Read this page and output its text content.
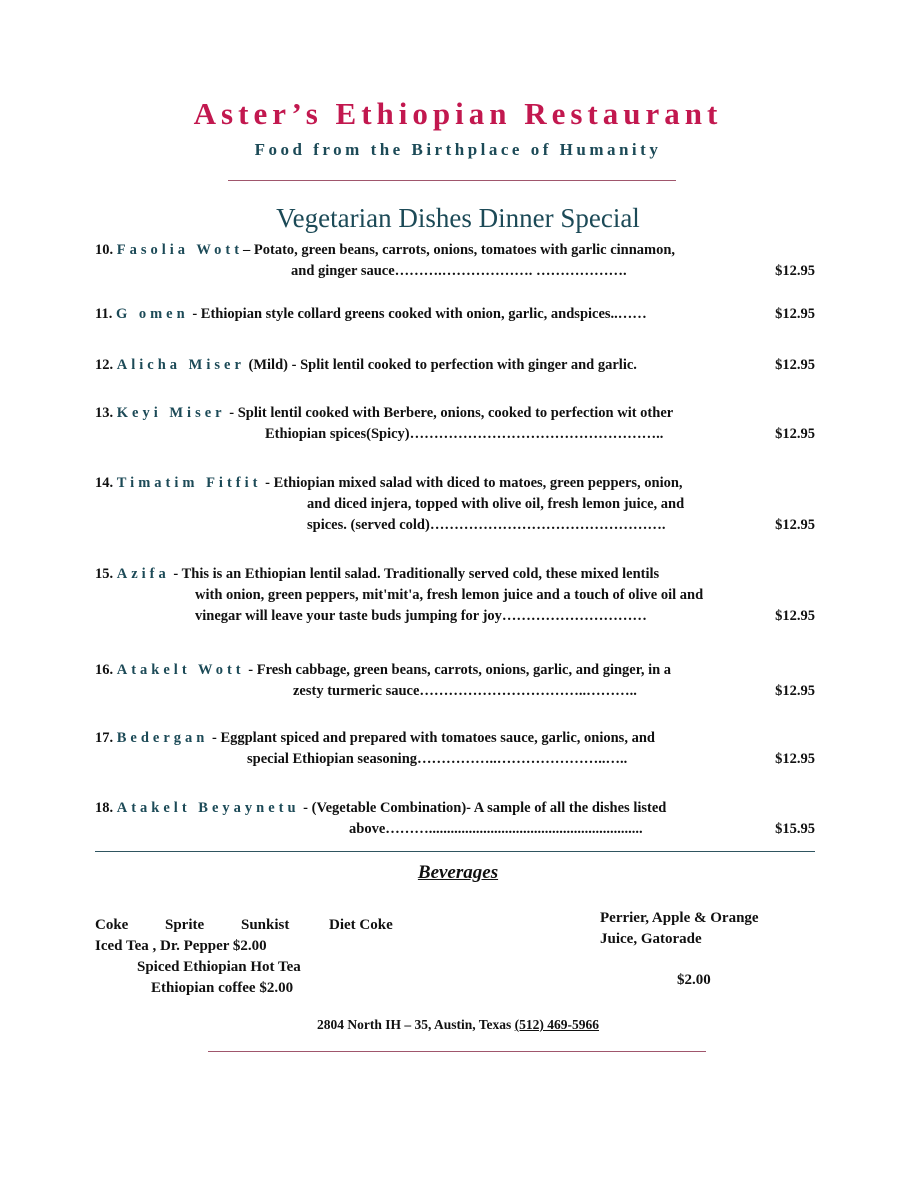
Aster’s Ethiopian Restaurant
Food from the Birthplace of Humanity
Vegetarian Dishes Dinner Special
10. Fasolia Wott– Potato, green beans, carrots, onions, tomatoes with garlic cinnamon,
and ginger sauce……….………………. ……………….	$12.95
11. G omen - Ethiopian style collard greens cooked with onion, garlic, andspices..……	$12.95
12. Alicha Miser (Mild) - Split lentil cooked to perfection with ginger and garlic.	$12.95
13. Keyi Miser - Split lentil cooked with Berbere, onions, cooked to perfection wit other
Ethiopian spices(Spicy)……………………………………………..	$12.95
14. Timatim Fitfit - Ethiopian mixed salad with diced to matoes, green peppers, onion,
and diced injera, topped with olive oil, fresh lemon juice, and
spices. (served cold)………………………………………….	$12.95
15. Azifa - This is an Ethiopian lentil salad. Traditionally served cold, these mixed lentils
with onion, green peppers, mit'mit'a, fresh lemon juice and a touch of olive oil and
vinegar will leave your taste buds jumping for joy…………………………	$12.95
16. Atakelt Wott - Fresh cabbage, green beans, carrots, onions, garlic, and ginger, in a
zesty turmeric sauce……………………………..………..	$12.95
17. Bedergan - Eggplant spiced and prepared with tomatoes sauce, garlic, onions, and
special Ethiopian seasoning……………..…………………..…..	$12.95
18. Atakelt Beyaynetu - (Vegetable Combination)- A sample of all the dishes listed
above………...........................................................	$15.95
Beverages
Coke Sprite Sunkist	Diet Coke
Iced Tea , Dr. Pepper $2.00
Spiced Ethiopian Hot Tea
Ethiopian coffee $2.00
Perrier, Apple & Orange
Juice, Gatorade
$2.00
2804 North IH – 35, Austin, Texas (512) 469-5966
